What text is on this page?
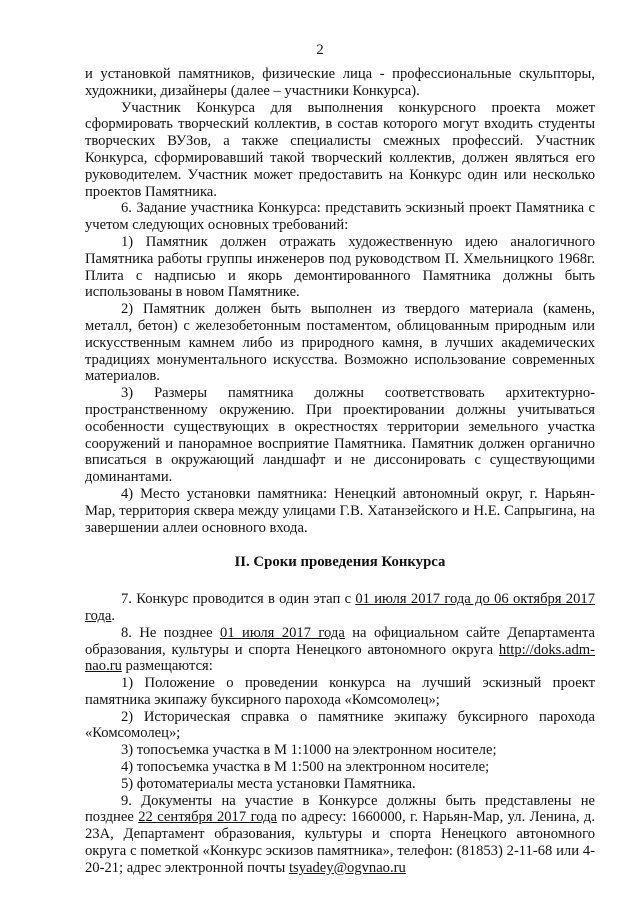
2

и установкой памятников, физические лица - профессиональные скульпторы, художники, дизайнеры (далее – участники Конкурса).

Участник Конкурса для выполнения конкурсного проекта может сформировать творческий коллектив, в состав которого могут входить студенты творческих ВУЗов, а также специалисты смежных профессий. Участник Конкурса, сформировавший такой творческий коллектив, должен являться его руководителем. Участник может предоставить на Конкурс один или несколько проектов Памятника.

6. Задание участника Конкурса: представить эскизный проект Памятника с учетом следующих основных требований:

1) Памятник должен отражать художественную идею аналогичного Памятника работы группы инженеров под руководством П. Хмельницкого 1968г. Плита с надписью и якорь демонтированного Памятника должны быть использованы в новом Памятнике.

2) Памятник должен быть выполнен из твердого материала (камень, металл, бетон) с железобетонным постаментом, облицованным природным или искусственным камнем либо из природного камня, в лучших академических традициях монументального искусства. Возможно использование современных материалов.

3) Размеры памятника должны соответствовать архитектурно-пространственному окружению. При проектировании должны учитываться особенности существующих в окрестностях территории земельного участка сооружений и панорамное восприятие Памятника. Памятник должен органично вписаться в окружающий ландшафт и не диссонировать с существующими доминантами.

4) Место установки памятника: Ненецкий автономный округ, г. Нарьян-Мар, территория сквера между улицами Г.В. Хатанзейского и Н.Е. Сапрыгина, на завершении аллеи основного входа.

II. Сроки проведения Конкурса

7. Конкурс проводится в один этап с 01 июля 2017 года до 06 октября 2017 года.

8. Не позднее 01 июля 2017 года на официальном сайте Департамента образования, культуры и спорта Ненецкого автономного округа http://doks.adm-nao.ru размещаются:

1) Положение о проведении конкурса на лучший эскизный проект памятника экипажу буксирного парохода «Комсомолец»;

2) Историческая справка о памятнике экипажу буксирного парохода «Комсомолец»;

3) топосъемка участка в М 1:1000 на электронном носителе;

4) топосъемка участка в М 1:500 на электронном носителе;

5) фотоматериалы места установки Памятника.

9. Документы на участие в Конкурсе должны быть представлены не позднее 22 сентября 2017 года по адресу: 1660000, г. Нарьян-Мар, ул. Ленина, д. 23А, Департамент образования, культуры и спорта Ненецкого автономного округа с пометкой «Конкурс эскизов памятника», телефон: (81853) 2-11-68 или 4-20-21; адрес электронной почты tsyadey@ogvnao.ru
